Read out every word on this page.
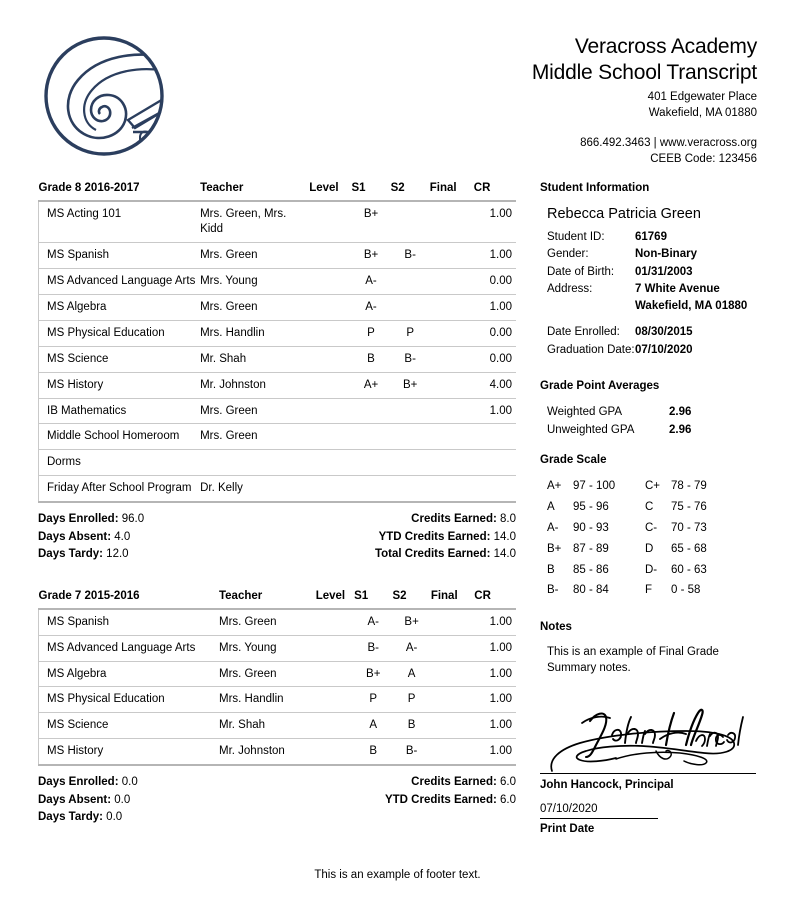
Veracross Academy
Middle School Transcript
401 Edgewater Place
Wakefield, MA 01880
866.492.3463 | www.veracross.org
CEEB Code: 123456
Grade 8 2016-2017	Teacher	Level	S1	S2	Final	CR
MS Acting 101	Mrs. Green, Mrs. Kidd		B+			1.00
MS Spanish	Mrs. Green		B+	B-		1.00
MS Advanced Language Arts	Mrs. Young		A-			0.00
MS Algebra	Mrs. Green		A-			1.00
MS Physical Education	Mrs. Handlin		P	P		0.00
MS Science	Mr. Shah		B	B-		0.00
MS History	Mr. Johnston		A+	B+		4.00
IB Mathematics	Mrs. Green					1.00
Middle School Homeroom	Mrs. Green					
Dorms						
Friday After School Program	Dr. Kelly					
Days Enrolled: 96.0
Days Absent: 4.0
Days Tardy: 12.0
Credits Earned: 8.0
YTD Credits Earned: 14.0
Total Credits Earned: 14.0
Grade 7 2015-2016	Teacher	Level	S1	S2	Final	CR
MS Spanish	Mrs. Green		A-	B+		1.00
MS Advanced Language Arts	Mrs. Young		B-	A-		1.00
MS Algebra	Mrs. Green		B+	A		1.00
MS Physical Education	Mrs. Handlin		P	P		1.00
MS Science	Mr. Shah		A	B		1.00
MS History	Mr. Johnston		B	B-		1.00
Days Enrolled: 0.0
Days Absent: 0.0
Days Tardy: 0.0
Credits Earned: 6.0
YTD Credits Earned: 6.0
Student Information
Rebecca Patricia Green
Student ID:	61769
Gender:	Non-Binary
Date of Birth:	01/31/2003
Address:	7 White Avenue Wakefield, MA 01880
Date Enrolled:	08/30/2015
Graduation Date: 07/10/2020
Grade Point Averages
Weighted GPA	2.96
Unweighted GPA	2.96
Grade Scale
A+	97 - 100	C+ 78 - 79
A	95 - 96	C	75 - 76
A-	90 - 93	C-	70 - 73
B+	87 - 89	D	65 - 68
B	85 - 86	D-	60 - 63
B-	80 - 84	F	0 - 58
Notes
This is an example of Final Grade Summary notes.
John Hancock, Principal
07/10/2020
Print Date
This is an example of footer text.
